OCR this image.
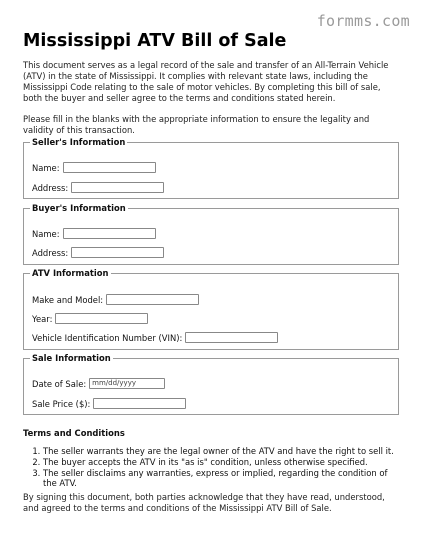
formms.com
Mississippi ATV Bill of Sale

This document serves as a legal record of the sale and transfer of an All-Terrain Vehicle (ATV) in the state of Mississippi. It complies with relevant state laws, including the Mississippi Code relating to the sale of motor vehicles. By completing this bill of sale, both the buyer and seller agree to the terms and conditions stated herein.

Please fill in the blanks with the appropriate information to ensure the legality and validity of this transaction.

Seller's Information
Name:
Address:
Buyer's Information
Name:
Address:
ATV Information
Make and Model:
Year:
Vehicle Identification Number (VIN):
Sale Information
Date of Sale: mm/dd/yyyy
Sale Price ($):
Terms and Conditions
1. The seller warrants they are the legal owner of the ATV and have the right to sell it.
2. The buyer accepts the ATV in its "as is" condition, unless otherwise specified.
3. The seller disclaims any warranties, express or implied, regarding the condition of the ATV.

By signing this document, both parties acknowledge that they have read, understood, and agreed to the terms and conditions of the Mississippi ATV Bill of Sale.
